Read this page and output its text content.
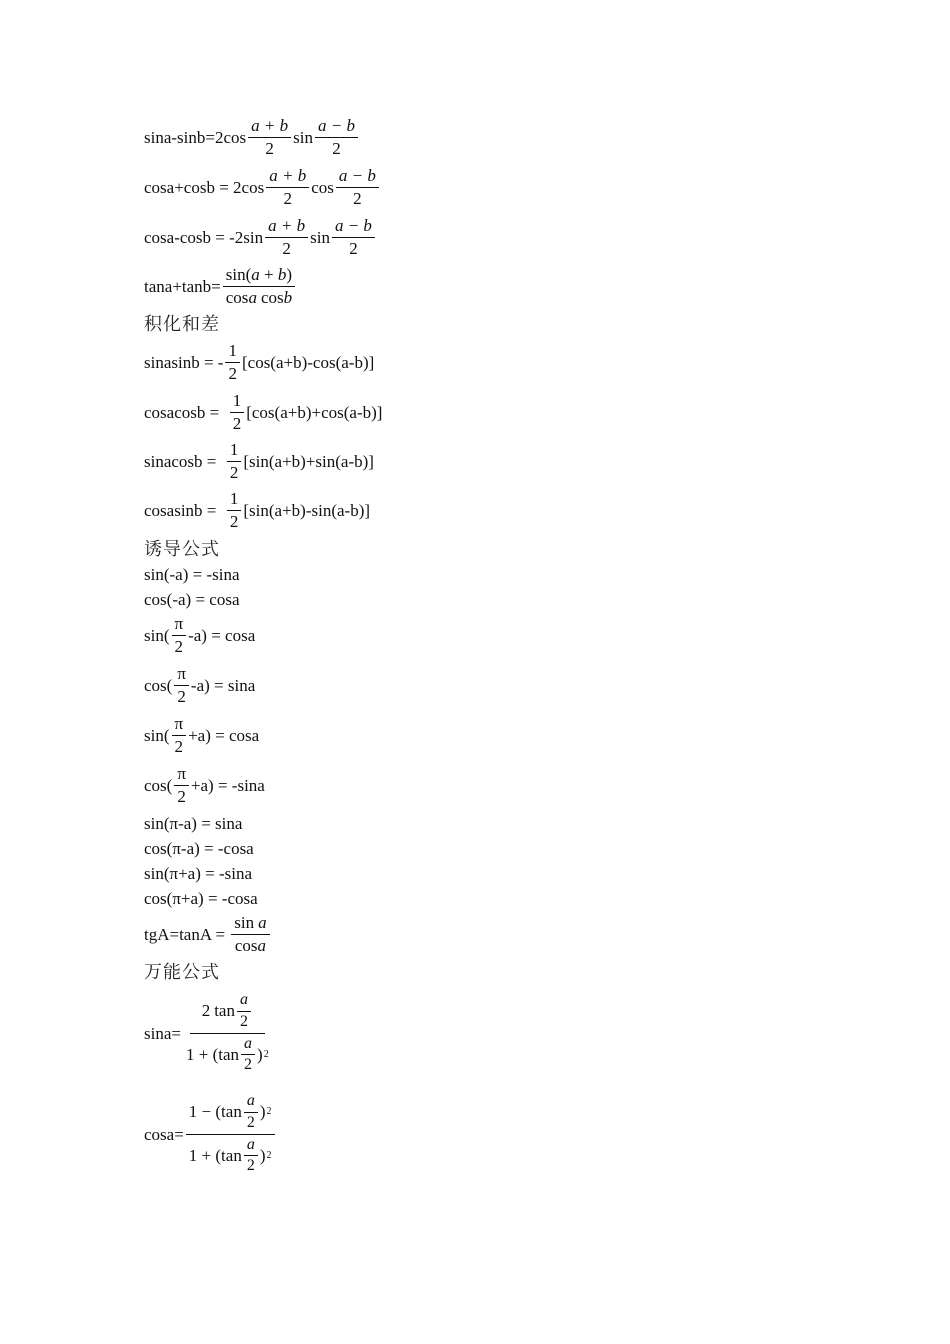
$\sin a-\sin b=2\cos \frac{a + b}{2}$ $\sin \frac{a - b}{2}$
$\cos a+\cos b = 2\cos \frac{a + b}{2}$ $\cos \frac{a - b}{2}$
$\cos a-\cos b = -2\sin \frac{a + b}{2}$ $\sin \frac{a - b}{2}$
$\tan a+\tan b= \frac{\sin( a + b )}{\text{cos a cos b}}$
积化和差
sinasinb = - $\frac{1}{2} [\cos(a+b)-\cos(a-b)]$
cosacosb = $\frac{1}{2} [\cos(a+b)+\cos(a-b)]$
sinacosb = $\frac{1}{2} [\sin(a+b)+\sin(a-b)]$
cosasinb = $\frac{1}{2} [\sin(a+b)-\sin(a-b)]$
诱导公式
sin(-a) = -sina
cos(-a) = cosa
$\sin( \frac{\pi}{2} -a) = \cos a$
$\cos( \frac{\pi}{2} -a) = \sin a$
$\sin( \frac{\pi}{2} +a) = \cos a$
$\cos( \frac{\pi}{2} +a) = -\sin a$
sin(π-a) = sina
cos(π-a) = -cosa
sin(π+a) = -sina
cos(π+a) = -cosa
$tgA=\tan A = \frac{\text{sin a}}{\text{cos a}}$
万能公式
$\sin a= \frac{2 \tan \frac{a}{2}}{1 + ( \tan \frac{a}{2} ) 2}$
$\cos a= \frac{1 - ( \tan \frac{a}{2} ) 2}{1 + ( \tan \frac{a}{2} ) 2}$
